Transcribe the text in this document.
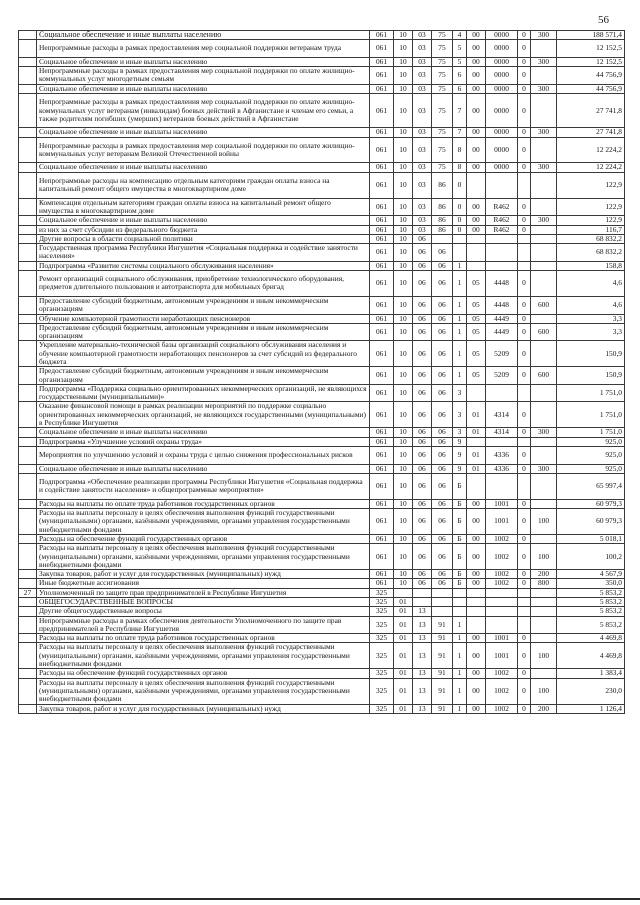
56
	Социальное обеспечение и иные выплаты населению	061	10	03	75	4	00	0000	0	300	188 571,4
	Непрограммные расходы в рамках предоставления мер социальной поддержки ветеранам труда	061	10	03	75	5	00	0000	0		12 152,5
	Социальное обеспечение и иные выплаты населению	061	10	03	75	5	00	0000	0	300	12 152,5
	Непрограммные расходы в рамках предоставления мер социальной поддержки по оплате жилищно-коммунальных услуг многодетным семьям	061	10	03	75	6	00	0000	0		44 756,9
	Социальное обеспечение и иные выплаты населению	061	10	03	75	6	00	0000	0	300	44 756,9
	Непрограммные расходы в рамках предоставления мер социальной поддержки по оплате жилищно-коммунальных услуг ветеранам (инвалидам) боевых действий в Афганистане и членам его семьи, а также родителям погибших (умерших) ветеранов боевых действий в Афганистане	061	10	03	75	7	00	0000	0		27 741,8
	Социальное обеспечение и иные выплаты населению	061	10	03	75	7	00	0000	0	300	27 741,8
	Непрограммные расходы в рамках предоставления мер социальной поддержки по оплате жилищно-коммунальных услуг ветеранам Великой Отечественной войны	061	10	03	75	8	00	0000	0		12 224,2
	Социальное обеспечение и иные выплаты населению	061	10	03	75	8	00	0000	0	300	12 224,2
	Непрограммные расходы на компенсацию отдельным категориям граждан оплаты взноса на капитальный ремонт общего имущества в многоквартирном доме	061	10	03	86	0					122,9
	Компенсация отдельным категориям граждан оплаты взноса на капитальный ремонт общего имущества в многоквартирном доме	061	10	03	86	0	00	R462	0		122,9
	Социальное обеспечение и иные выплаты населению	061	10	03	86	0	00	R462	0	300	122,9
	из них за счет субсидии из федерального бюджета	061	10	03	86	0	00	R462	0		116,7
	Другие вопросы в области социальной политики	061	10	06							68 832,2
	Государственная программа Республики Ингушетия «Социальная поддержка и содействие занятости населения»	061	10	06	06						68 832,2
	Подпрограмма «Развитие системы социального обслуживания населения»	061	10	06	06	1					158,8
	Ремонт организаций социального обслуживания, приобретение технологического оборудования, предметов длительного пользования и автотранспорта для мобильных бригад	061	10	06	06	1	05	4448	0		4,6
	Предоставление субсидий бюджетным, автономным учреждениям и иным некоммерческим организациям	061	10	06	06	1	05	4448	0	600	4,6
	Обучение компьютерной грамотности неработающих пенсионеров	061	10	06	06	1	05	4449	0		3,3
	Предоставление субсидий бюджетным, автономным учреждениям и иным некоммерческим организациям	061	10	06	06	1	05	4449	0	600	3,3
	Укрепление материально-технической базы организаций социального обслуживания населения и обучение компьютерной грамотности неработающих пенсионеров за счет субсидий из федерального бюджета	061	10	06	06	1	05	5209	0		150,9
	Предоставление субсидий бюджетным, автономным учреждениям и иным некоммерческим организациям	061	10	06	06	1	05	5209	0	600	150,9
	Подпрограмма «Поддержка социально ориентированных некоммерческих организаций, не являющихся государственными (муниципальными)»	061	10	06	06	3					1 751,0
	Оказание финансовой помощи в рамках реализации мероприятий по поддержке социально ориентированных некоммерческих организаций, не являющихся государственными (муниципальными) в Республике Ингушетия	061	10	06	06	3	01	4314	0		1 751,0
	Социальное обеспечение и иные выплаты населению	061	10	06	06	3	01	4314	0	300	1 751,0
	Подпрограмма «Улучшение условий охраны труда»	061	10	06	06	9					925,0
	Мероприятия по улучшению условий и охраны труда с целью снижения профессиональных рисков	061	10	06	06	9	01	4336	0		925,0
	Социальное обеспечение и иные выплаты населению	061	10	06	06	9	01	4336	0	300	925,0
	Подпрограмма «Обеспечение реализации программы Республики Ингушетия «Социальная поддержка и содействие занятости населения» и общепрограммные мероприятия»	061	10	06	06	Б					65 997,4
	Расходы на выплаты по оплате труда работников государственных органов	061	10	06	06	Б	00	1001	0		60 979,3
	Расходы на выплаты персоналу в целях обеспечения выполнения функций государственными (муниципальными) органами, казёнными учреждениями, органами управления государственными внебюджетными фондами	061	10	06	06	Б	00	1001	0	100	60 979,3
	Расходы на обеспечение функций государственных органов	061	10	06	06	Б	00	1002	0		5 018,1
	Расходы на выплаты персоналу в целях обеспечения выполнения функций государственными (муниципальными) органами, казёнными учреждениями, органами управления государственными внебюджетными фондами	061	10	06	06	Б	00	1002	0	100	100,2
	Закупка товаров, работ и услуг для государственных (муниципальных) нужд	061	10	06	06	Б	00	1002	0	200	4 567,9
	Иные бюджетные ассигнования	061	10	06	06	Б	00	1002	0	800	350,0
27	Уполномоченный по защите прав предпринимателей в Республике Ингушетия	325									5 853,2
	ОБЩЕГОСУДАРСТВЕННЫЕ ВОПРОСЫ	325	01								5 853,2
	Другие общегосударственные вопросы	325	01	13							5 853,2
	Непрограммные расходы в рамках обеспечения деятельности Уполномоченного по защите прав предпринимателей в Республике Ингушетия	325	01	13	91	1					5 853,2
	Расходы на выплаты по оплате труда работников государственных органов	325	01	13	91	1	00	1001	0		4 469,8
	Расходы на выплаты персоналу в целях обеспечения выполнения функций государственными (муниципальными) органами, казёнными учреждениями, органами управления государственными внебюджетными фондами	325	01	13	91	1	00	1001	0	100	4 469,8
	Расходы на обеспечение функций государственных органов	325	01	13	91	1	00	1002	0		1 383,4
	Расходы на выплаты персоналу в целях обеспечения выполнения функций государственными (муниципальными) органами, казёнными учреждениями, органами управления государственными внебюджетными фондами	325	01	13	91	1	00	1002	0	100	230,0
	Закупка товаров, работ и услуг для государственных (муниципальных) нужд	325	01	13	91	1	00	1002	0	200	1 126,4
